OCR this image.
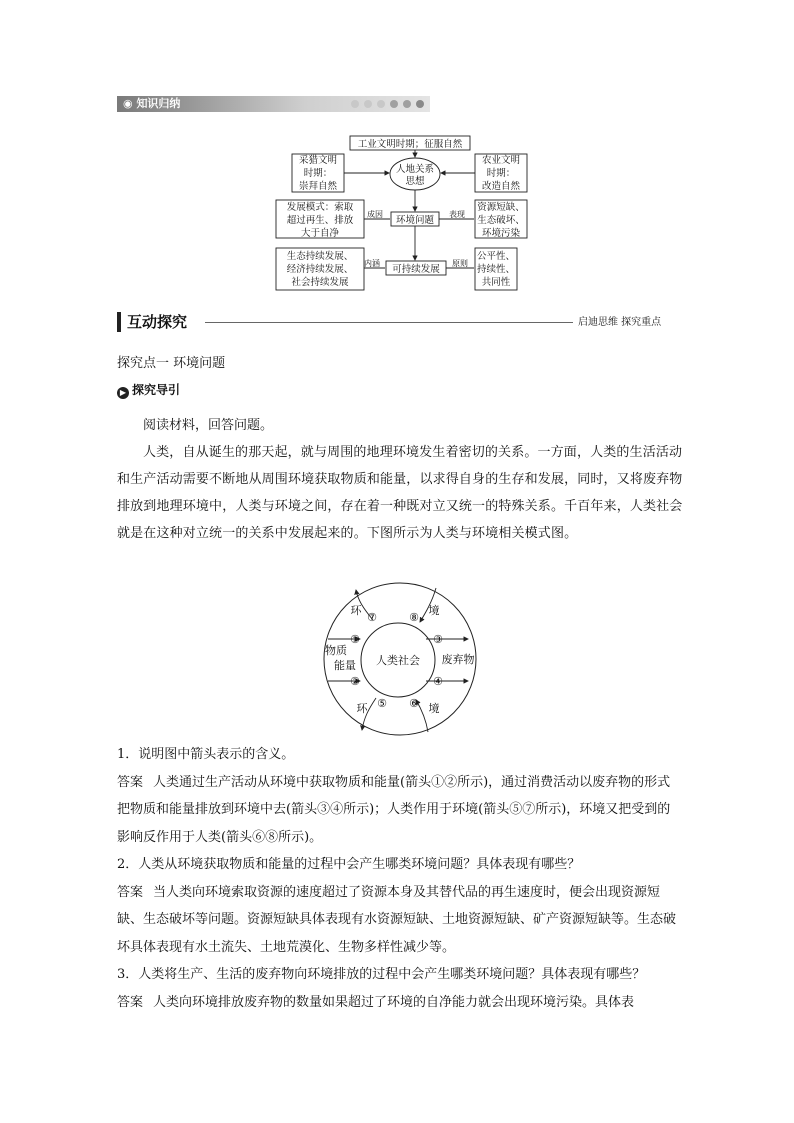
◉ 知识归纳
工业文明时期；征服自然
采猎文明
时期：
崇拜自然
人地关系
思想
农业文明
时期：
改造自然
发展模式：索取
超过再生、排放
大于自净
环境问题
资源短缺、
生态破坏、
环境污染
生态持续发展、
经济持续发展、
社会持续发展
可持续发展
公平性、
持续性、
共同性
成因	表现
内涵	原则
互动探究	启迪思维 探究重点
探究点一 环境问题
▶ 探究导引
阅读材料，回答问题。
人类，自从诞生的那天起，就与周围的地理环境发生着密切的关系。一方面，人类的生活活动和生产活动需要不断地从周围环境获取物质和能量，以求得自身的生存和发展，同时，又将废弃物排放到地理环境中，人类与环境之间，存在着一种既对立又统一的特殊关系。千百年来，人类社会就是在这种对立统一的关系中发展起来的。下图所示为人类与环境相关模式图。
环	境
环	境
人类社会
物质
能量	废弃物
①
②
③
④
⑤ ⑥
⑦	⑧

1．说明图中箭头表示的含义。

答案 人类通过生产活动从环境中获取物质和能量(箭头①②所示)，通过消费活动以废弃物的形式把物质和能量排放到环境中去(箭头③④所示)；人类作用于环境(箭头⑤⑦所示)，环境又把受到的影响反作用于人类(箭头⑥⑧所示)。

2．人类从环境获取物质和能量的过程中会产生哪类环境问题？具体表现有哪些？

答案 当人类向环境索取资源的速度超过了资源本身及其替代品的再生速度时，便会出现资源短缺、生态破坏等问题。资源短缺具体表现有水资源短缺、土地资源短缺、矿产资源短缺等。生态破坏具体表现有水土流失、土地荒漠化、生物多样性减少等。

3．人类将生产、生活的废弃物向环境排放的过程中会产生哪类环境问题？具体表现有哪些？

答案 人类向环境排放废弃物的数量如果超过了环境的自净能力就会出现环境污染。具体表
